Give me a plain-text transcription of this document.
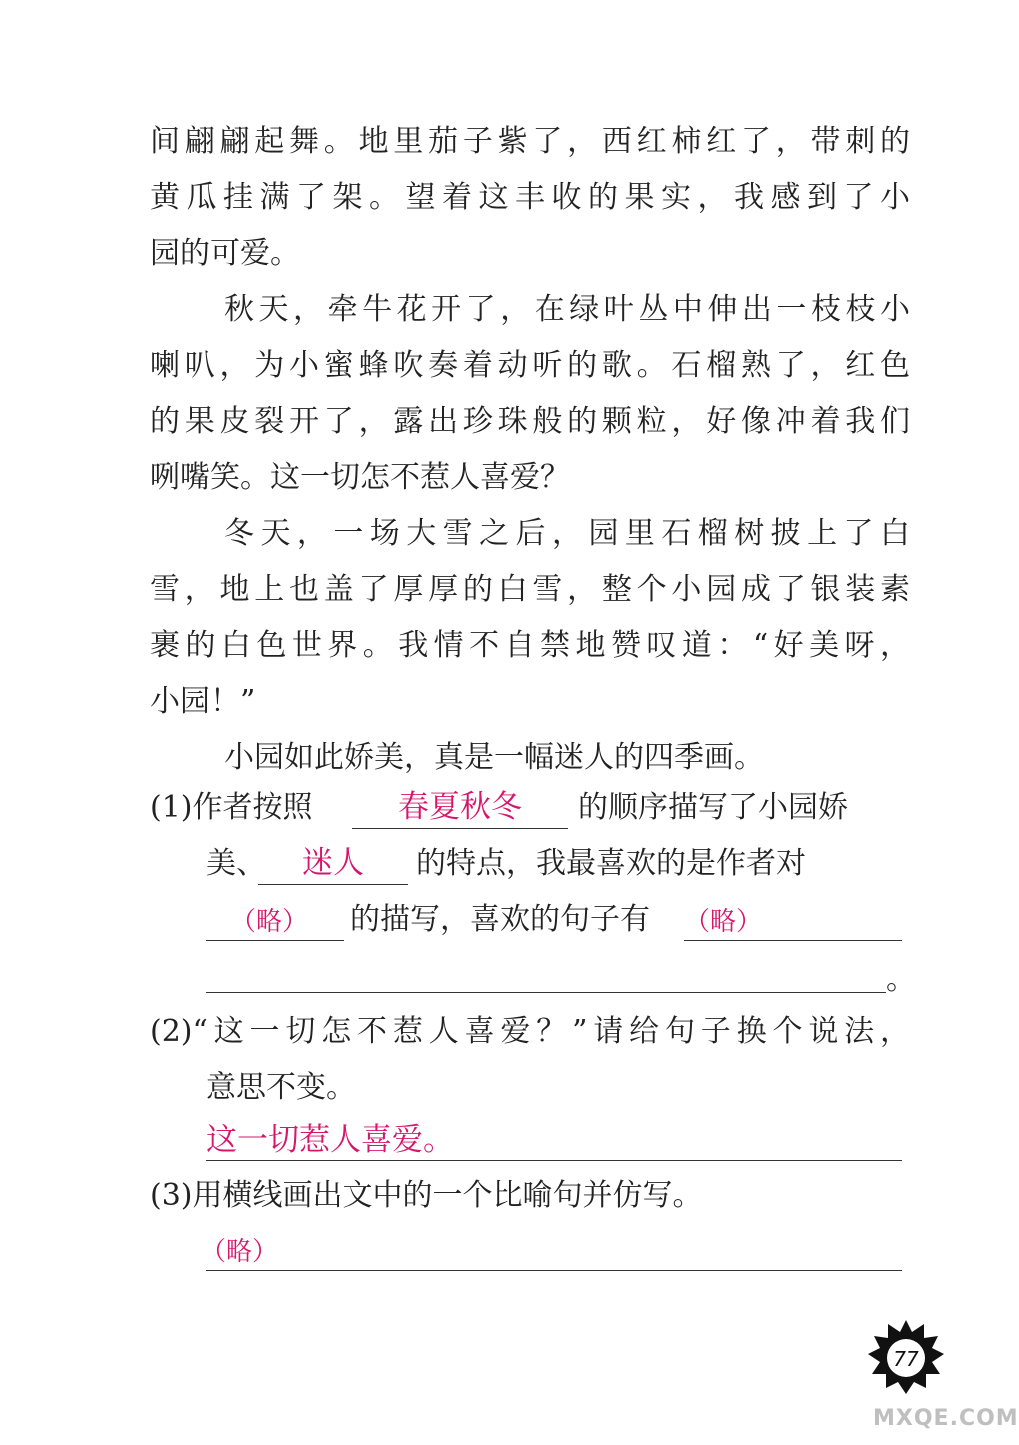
间翩翩起舞。地里茄子紫了，西红柿红了，带刺的
黄瓜挂满了架。望着这丰收的果实，我感到了小
园的可爱。
秋天，牵牛花开了，在绿叶丛中伸出一枝枝小
喇叭，为小蜜蜂吹奏着动听的歌。石榴熟了，红色
的果皮裂开了，露出珍珠般的颗粒，好像冲着我们
咧嘴笑。这一切怎不惹人喜爱？
冬天，一场大雪之后，园里石榴树披上了白
雪，地上也盖了厚厚的白雪，整个小园成了银装素
裹的白色世界。我情不自禁地赞叹道：“好美呀，
小园！”
小园如此娇美，真是一幅迷人的四季画。
(1)作者按照	春夏秋冬	的顺序描写了小园娇
美、	迷人	的特点，我最喜欢的是作者对
（略）	的描写，喜欢的句子有 （略）
。
(2)“这一切怎不惹人喜爱？”请给句子换个说法，
意思不变。
这一切惹人喜爱。
(3)用横线画出文中的一个比喻句并仿写。
（略）
77
MXQE.COM
